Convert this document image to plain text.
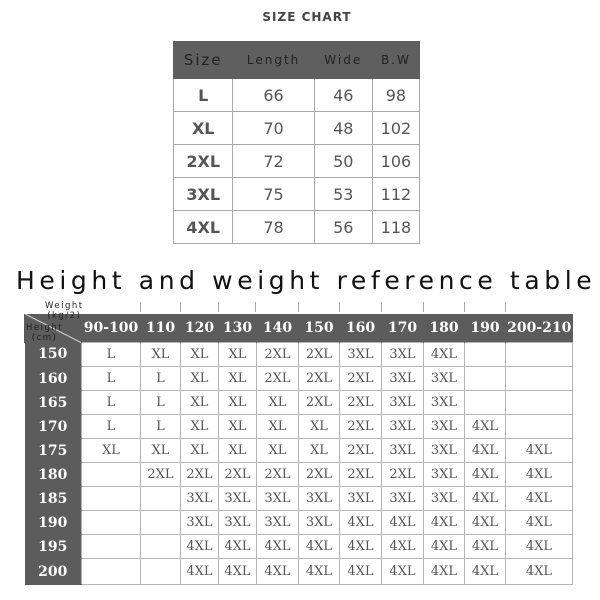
SIZE CHART
Size	Length	Wide	B.W
L	66	46	98
XL	70	48	102
2XL	72	50	106
3XL	75	53	112
4XL	78	56	118
Height and weight reference table
Weight
(kg/2)
Height
(cm)	90-100	110	120	130	140	150	160	170	180	190	200-210
150	L	XL	XL	XL	2XL	2XL	3XL	3XL	4XL		
160	L	L	XL	XL	2XL	2XL	2XL	3XL	3XL		
165	L	L	XL	XL	XL	2XL	2XL	3XL	3XL		
170	L	L	XL	XL	XL	XL	2XL	3XL	3XL	4XL	
175	XL	XL	XL	XL	XL	XL	2XL	3XL	3XL	4XL	4XL
180		2XL	2XL	2XL	2XL	2XL	2XL	2XL	3XL	4XL	4XL
185			3XL	3XL	3XL	3XL	3XL	3XL	3XL	4XL	4XL
190			3XL	3XL	3XL	3XL	4XL	4XL	4XL	4XL	4XL
195			4XL	4XL	4XL	4XL	4XL	4XL	4XL	4XL	4XL
200			4XL	4XL	4XL	4XL	4XL	4XL	4XL	4XL	4XL
